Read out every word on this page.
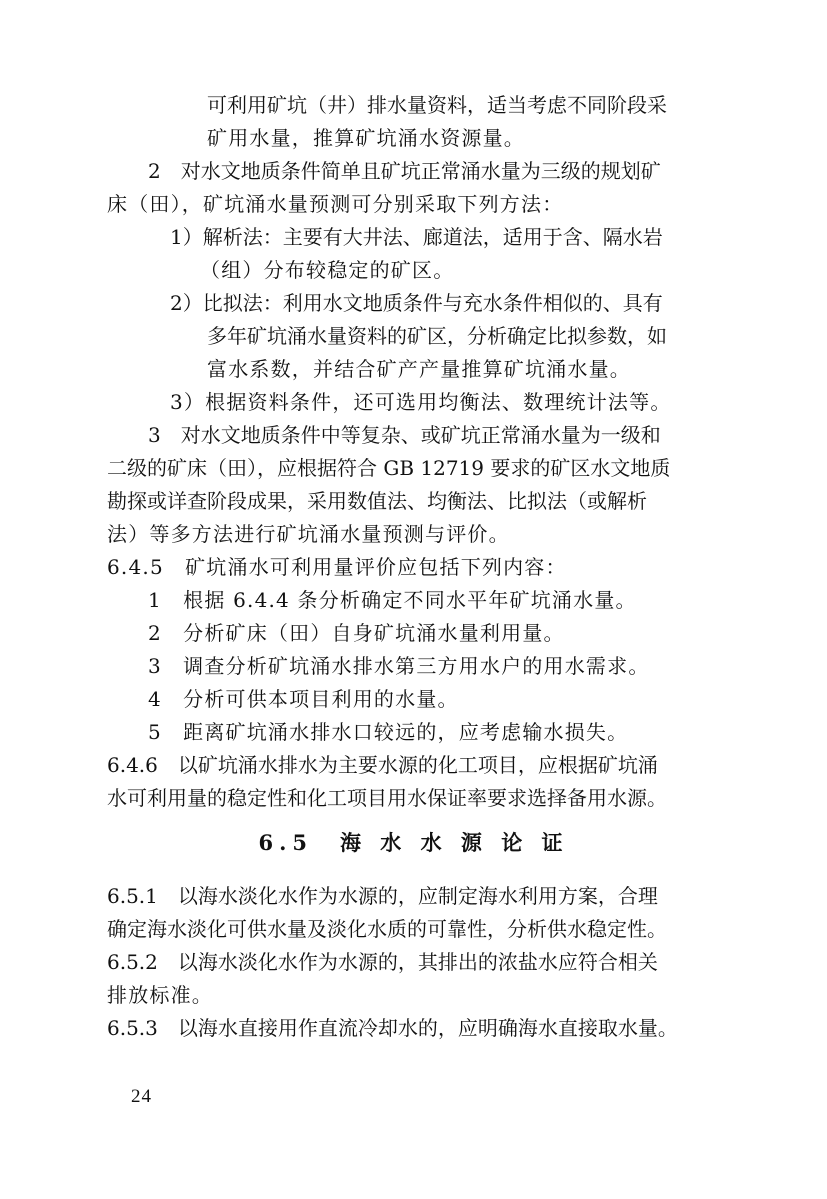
可利用矿坑（井）排水量资料，适当考虑不同阶段采
矿用水量，推算矿坑涌水资源量。
2　对水文地质条件简单且矿坑正常涌水量为三级的规划矿
床（田），矿坑涌水量预测可分别采取下列方法：
1）解析法：主要有大井法、廊道法，适用于含、隔水岩
（组）分布较稳定的矿区。
2）比拟法：利用水文地质条件与充水条件相似的、具有
多年矿坑涌水量资料的矿区，分析确定比拟参数，如
富水系数，并结合矿产产量推算矿坑涌水量。
3）根据资料条件，还可选用均衡法、数理统计法等。
3　对水文地质条件中等复杂、或矿坑正常涌水量为一级和
二级的矿床（田），应根据符合 GB 12719 要求的矿区水文地质
勘探或详查阶段成果，采用数值法、均衡法、比拟法（或解析
法）等多方法进行矿坑涌水量预测与评价。
6.4.5　矿坑涌水可利用量评价应包括下列内容：
1　根据 6.4.4 条分析确定不同水平年矿坑涌水量。
2　分析矿床（田）自身矿坑涌水量利用量。
3　调查分析矿坑涌水排水第三方用水户的用水需求。
4　分析可供本项目利用的水量。
5　距离矿坑涌水排水口较远的，应考虑输水损失。
6.4.6　以矿坑涌水排水为主要水源的化工项目，应根据矿坑涌
水可利用量的稳定性和化工项目用水保证率要求选择备用水源。
6.5　海 水 水 源 论 证
6.5.1　以海水淡化水作为水源的，应制定海水利用方案，合理
确定海水淡化可供水量及淡化水质的可靠性，分析供水稳定性。
6.5.2　以海水淡化水作为水源的，其排出的浓盐水应符合相关
排放标准。
6.5.3　以海水直接用作直流冷却水的，应明确海水直接取水量。
24
